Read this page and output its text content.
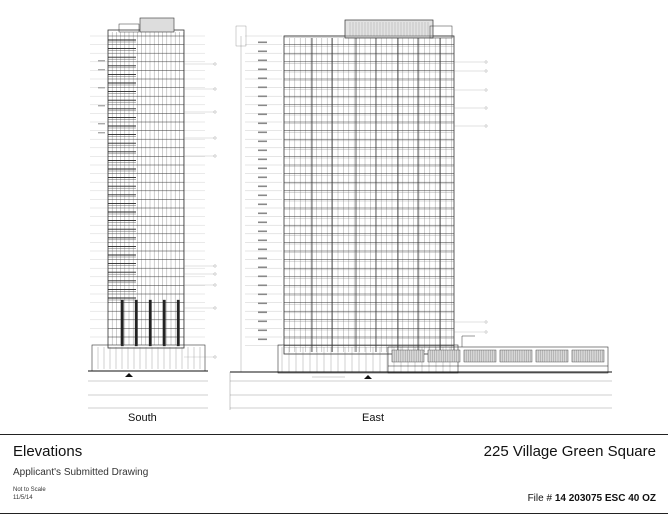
South	East
Elevations	225 Village Green Square
Applicant's Submitted Drawing
Not to Scale
11/5/14	File # 14 203075 ESC 40 OZ
